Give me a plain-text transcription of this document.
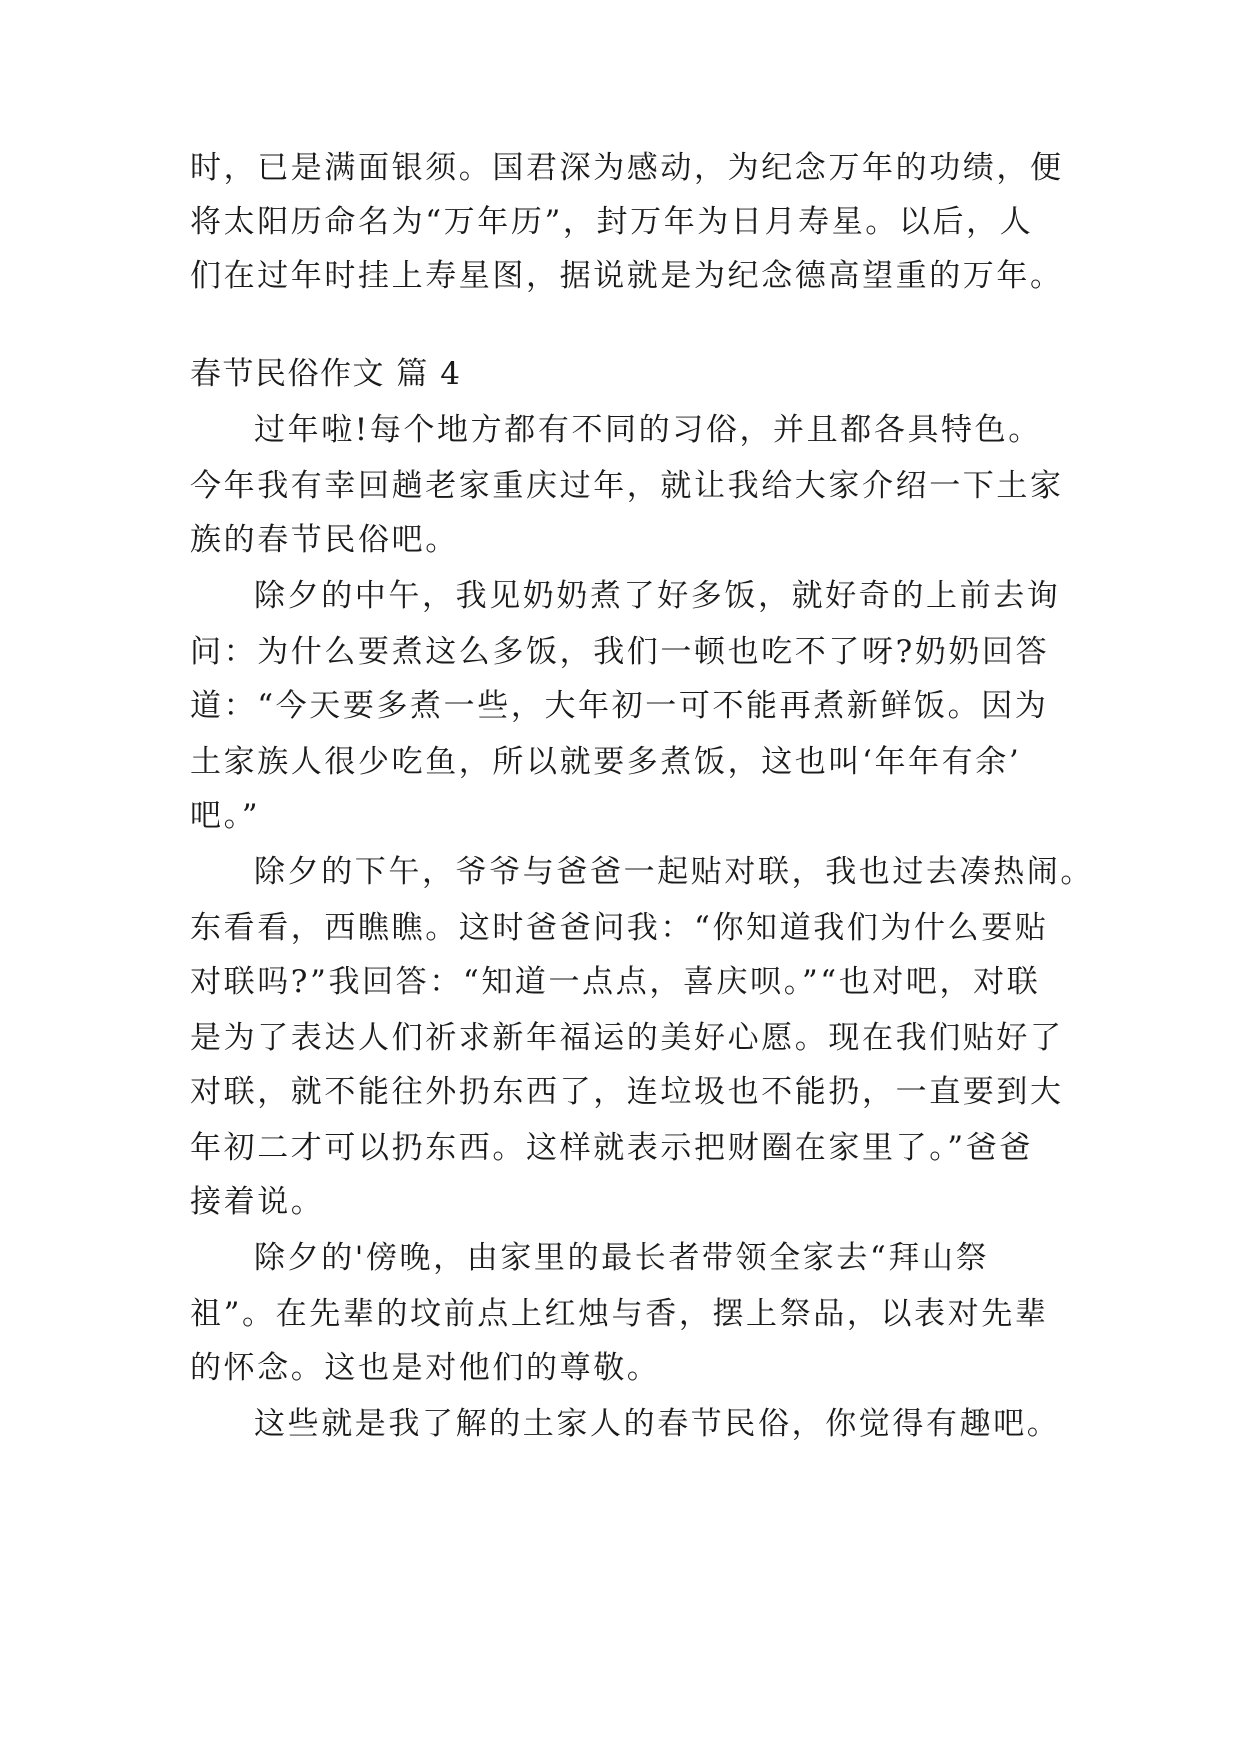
时，已是满面银须。国君深为感动，为纪念万年的功绩，便
将太阳历命名为“万年历”，封万年为日月寿星。以后，人
们在过年时挂上寿星图，据说就是为纪念德高望重的万年。
春节民俗作文 篇 4
过年啦!每个地方都有不同的习俗，并且都各具特色。
今年我有幸回趟老家重庆过年，就让我给大家介绍一下土家
族的春节民俗吧。
除夕的中午，我见奶奶煮了好多饭，就好奇的上前去询
问：为什么要煮这么多饭，我们一顿也吃不了呀?奶奶回答
道：“今天要多煮一些，大年初一可不能再煮新鲜饭。因为
土家族人很少吃鱼，所以就要多煮饭，这也叫‘年年有余’
吧。”
除夕的下午，爷爷与爸爸一起贴对联，我也过去凑热闹。
东看看，西瞧瞧。这时爸爸问我：“你知道我们为什么要贴
对联吗?”我回答：“知道一点点，喜庆呗。”“也对吧，对联
是为了表达人们祈求新年福运的美好心愿。现在我们贴好了
对联，就不能往外扔东西了，连垃圾也不能扔，一直要到大
年初二才可以扔东西。这样就表示把财圈在家里了。”爸爸
接着说。
除夕的'傍晚，由家里的最长者带领全家去“拜山祭
祖”。在先辈的坟前点上红烛与香，摆上祭品，以表对先辈
的怀念。这也是对他们的尊敬。
这些就是我了解的土家人的春节民俗，你觉得有趣吧。
